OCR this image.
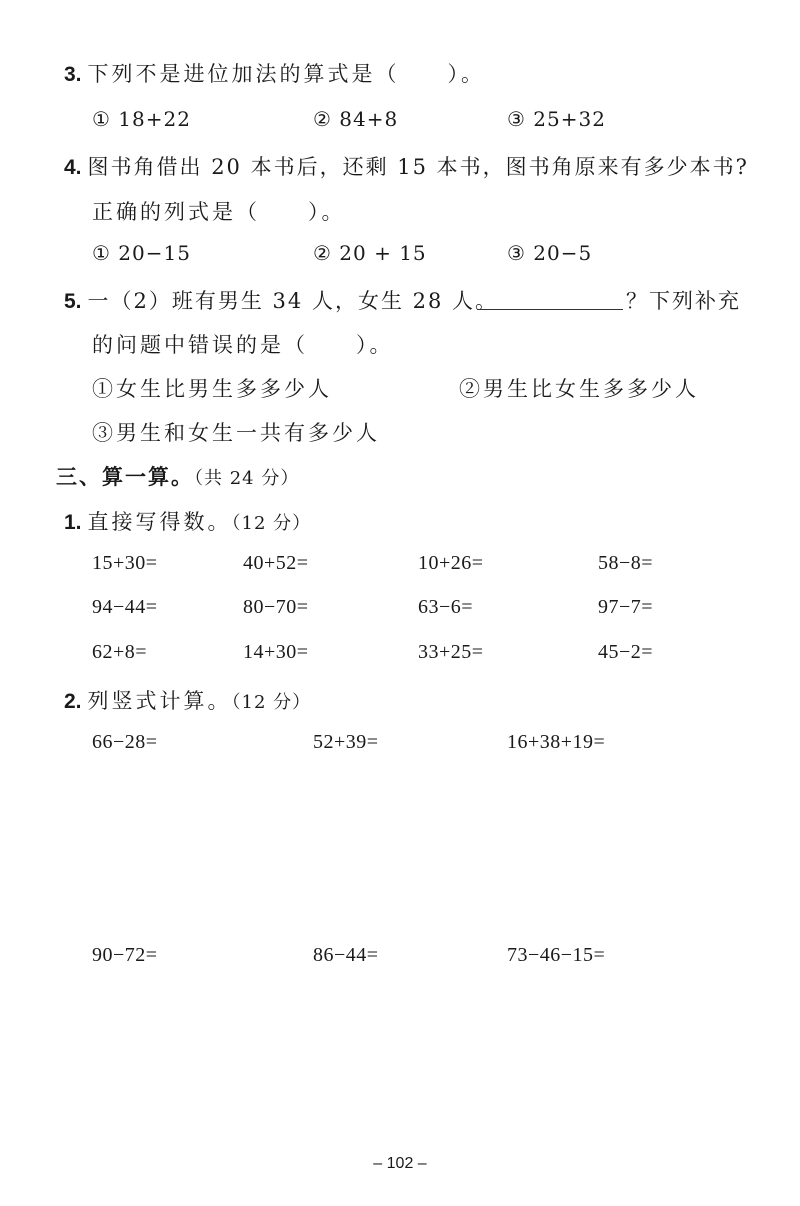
3. 下列不是进位加法的算式是（　　）。
① 18+22	② 84+8	③ 25+32
4. 图书角借出 20 本书后，还剩 15 本书，图书角原来有多少本书?
正确的列式是（　　）。
① 20−15	② 20 + 15	③ 20−5
5. 一（2）班有男生 34 人，女生 28 人。	？下列补充
的问题中错误的是（　　）。
①女生比男生多多少人	②男生比女生多多少人
③男生和女生一共有多少人
三、算一算。（共 24 分）
1. 直接写得数。（12 分）
15+30=	40+52=	10+26=	58−8=
94−44=	80−70=	63−6=	97−7=
62+8=	14+30=	33+25=	45−2=
2. 列竖式计算。（12 分）
66−28=	52+39=	16+38+19=
90−72=	86−44=	73−46−15=
– 102 –
